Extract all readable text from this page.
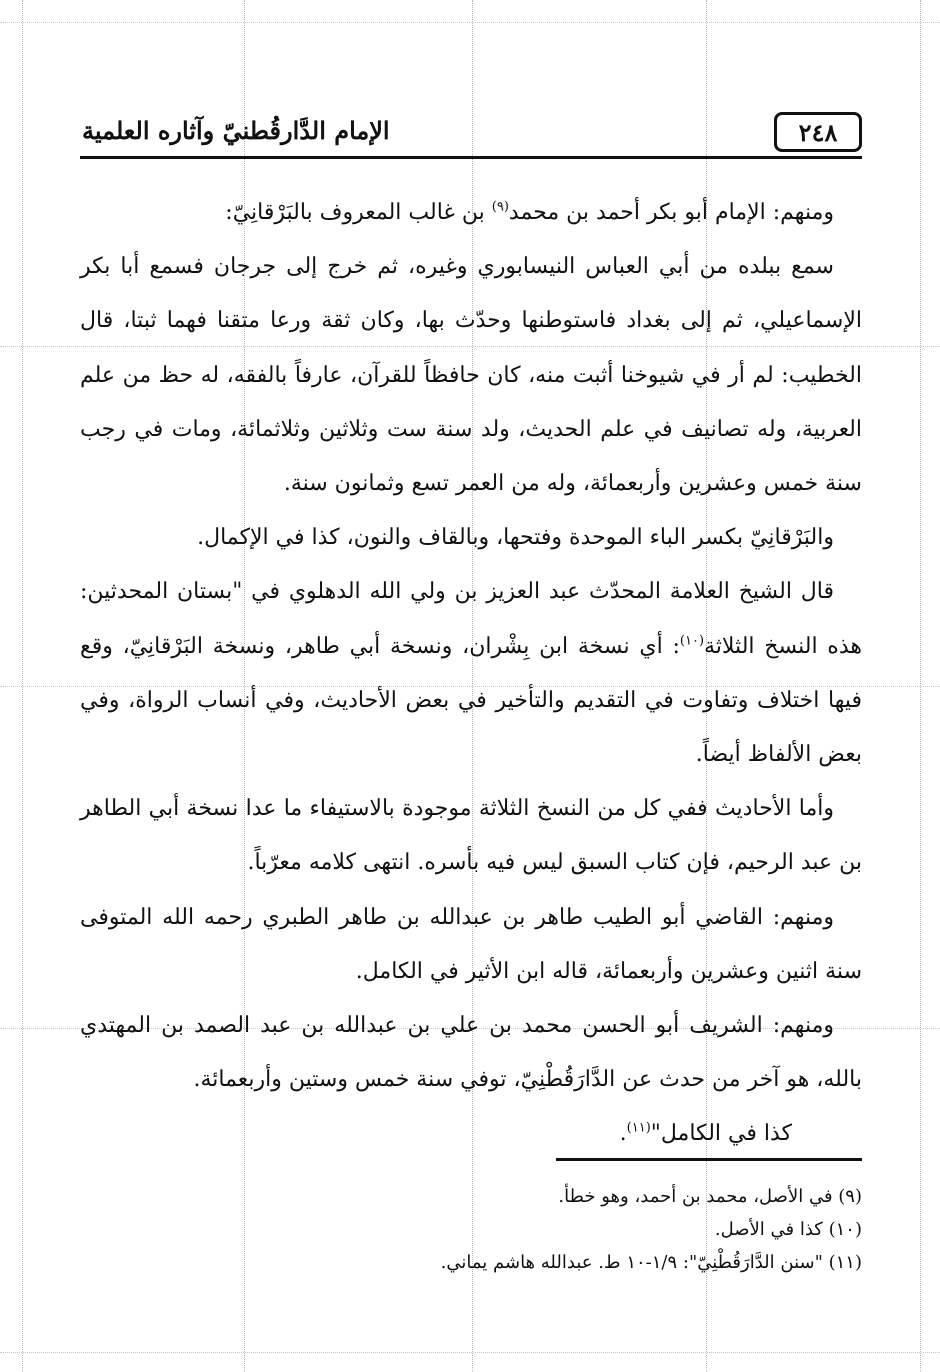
٢٤٨
الإمام الدَّارقُطنيّ وآثاره العلمية

ومنهم: الإمام أبو بكر أحمد بن محمد$^{(٩)}$ بن غالب المعروف بالبَرْقانِيّ:

سمع ببلده من أبي العباس النيسابوري وغيره، ثم خرج إلى جرجان فسمع أبا بكر الإسماعيلي، ثم إلى بغداد فاستوطنها وحدّث بها، وكان ثقة ورعا متقنا فهما ثبتا، قال الخطيب: لم أر في شيوخنا أثبت منه، كان حافظاً للقرآن، عارفاً بالفقه، له حظ من علم العربية، وله تصانيف في علم الحديث، ولد سنة ست وثلاثين وثلاثمائة، ومات في رجب سنة خمس وعشرين وأربعمائة، وله من العمر تسع وثمانون سنة.

والبَرْقانِيّ بكسر الباء الموحدة وفتحها، وبالقاف والنون، كذا في الإكمال.

قال الشيخ العلامة المحدّث عبد العزيز بن ولي الله الدهلوي في "بستان المحدثين: هذه النسخ الثلاثة$^{(١٠)}$: أي نسخة ابن بِشْران، ونسخة أبي طاهر، ونسخة البَرْقانِيّ، وقع فيها اختلاف وتفاوت في التقديم والتأخير في بعض الأحاديث، وفي أنساب الرواة، وفي بعض الألفاظ أيضاً.

وأما الأحاديث ففي كل من النسخ الثلاثة موجودة بالاستيفاء ما عدا نسخة أبي الطاهر بن عبد الرحيم، فإن كتاب السبق ليس فيه بأسره. انتهى كلامه معرّباً.

ومنهم: القاضي أبو الطيب طاهر بن عبدالله بن طاهر الطبري رحمه الله المتوفى سنة اثنين وعشرين وأربعمائة، قاله ابن الأثير في الكامل.

ومنهم: الشريف أبو الحسن محمد بن علي بن عبدالله بن عبد الصمد بن المهتدي بالله، هو آخر من حدث عن الدَّارَقُطْنِيّ، توفي سنة خمس وستين وأربعمائة.

كذا في الكامل"$^{(١١)}$.

(٩) في الأصل، محمد بن أحمد، وهو خطأ.

(١٠) كذا في الأصل.

(١١) "سنن الدَّارَقُطْنِيّ": ١/٩-١٠ ط. عبدالله هاشم يماني.
